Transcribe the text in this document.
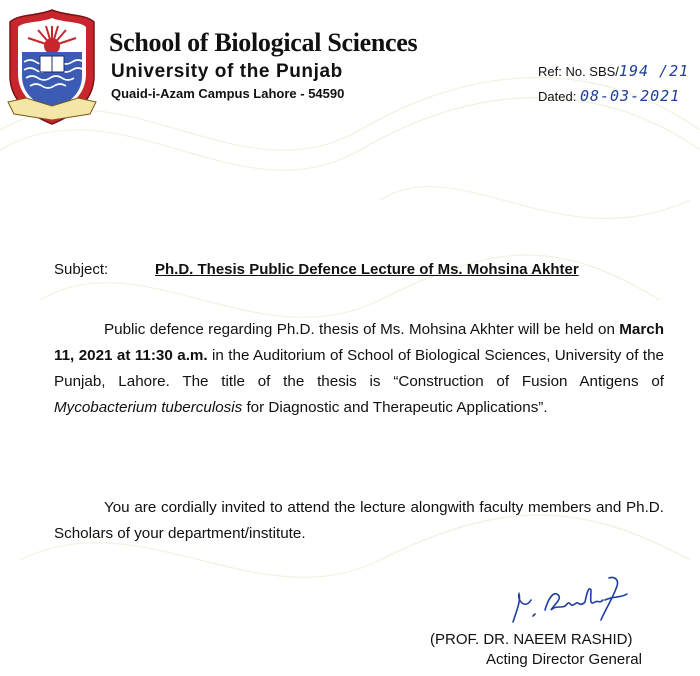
School of Biological Sciences
University of the Punjab
Quaid-i-Azam Campus Lahore - 54590
Ref: No. SBS/194 /21
Dated: 08-03-2021
Subject:	Ph.D. Thesis Public Defence Lecture of Ms. Mohsina Akhter

Public defence regarding Ph.D. thesis of Ms. Mohsina Akhter will be held on March 11, 2021 at 11:30 a.m. in the Auditorium of School of Biological Sciences, University of the Punjab, Lahore. The title of the thesis is “Construction of Fusion Antigens of Mycobacterium tuberculosis for Diagnostic and Therapeutic Applications”.

You are cordially invited to attend the lecture alongwith faculty members and Ph.D. Scholars of your department/institute.

(PROF. DR. NAEEM RASHID)
Acting Director General
